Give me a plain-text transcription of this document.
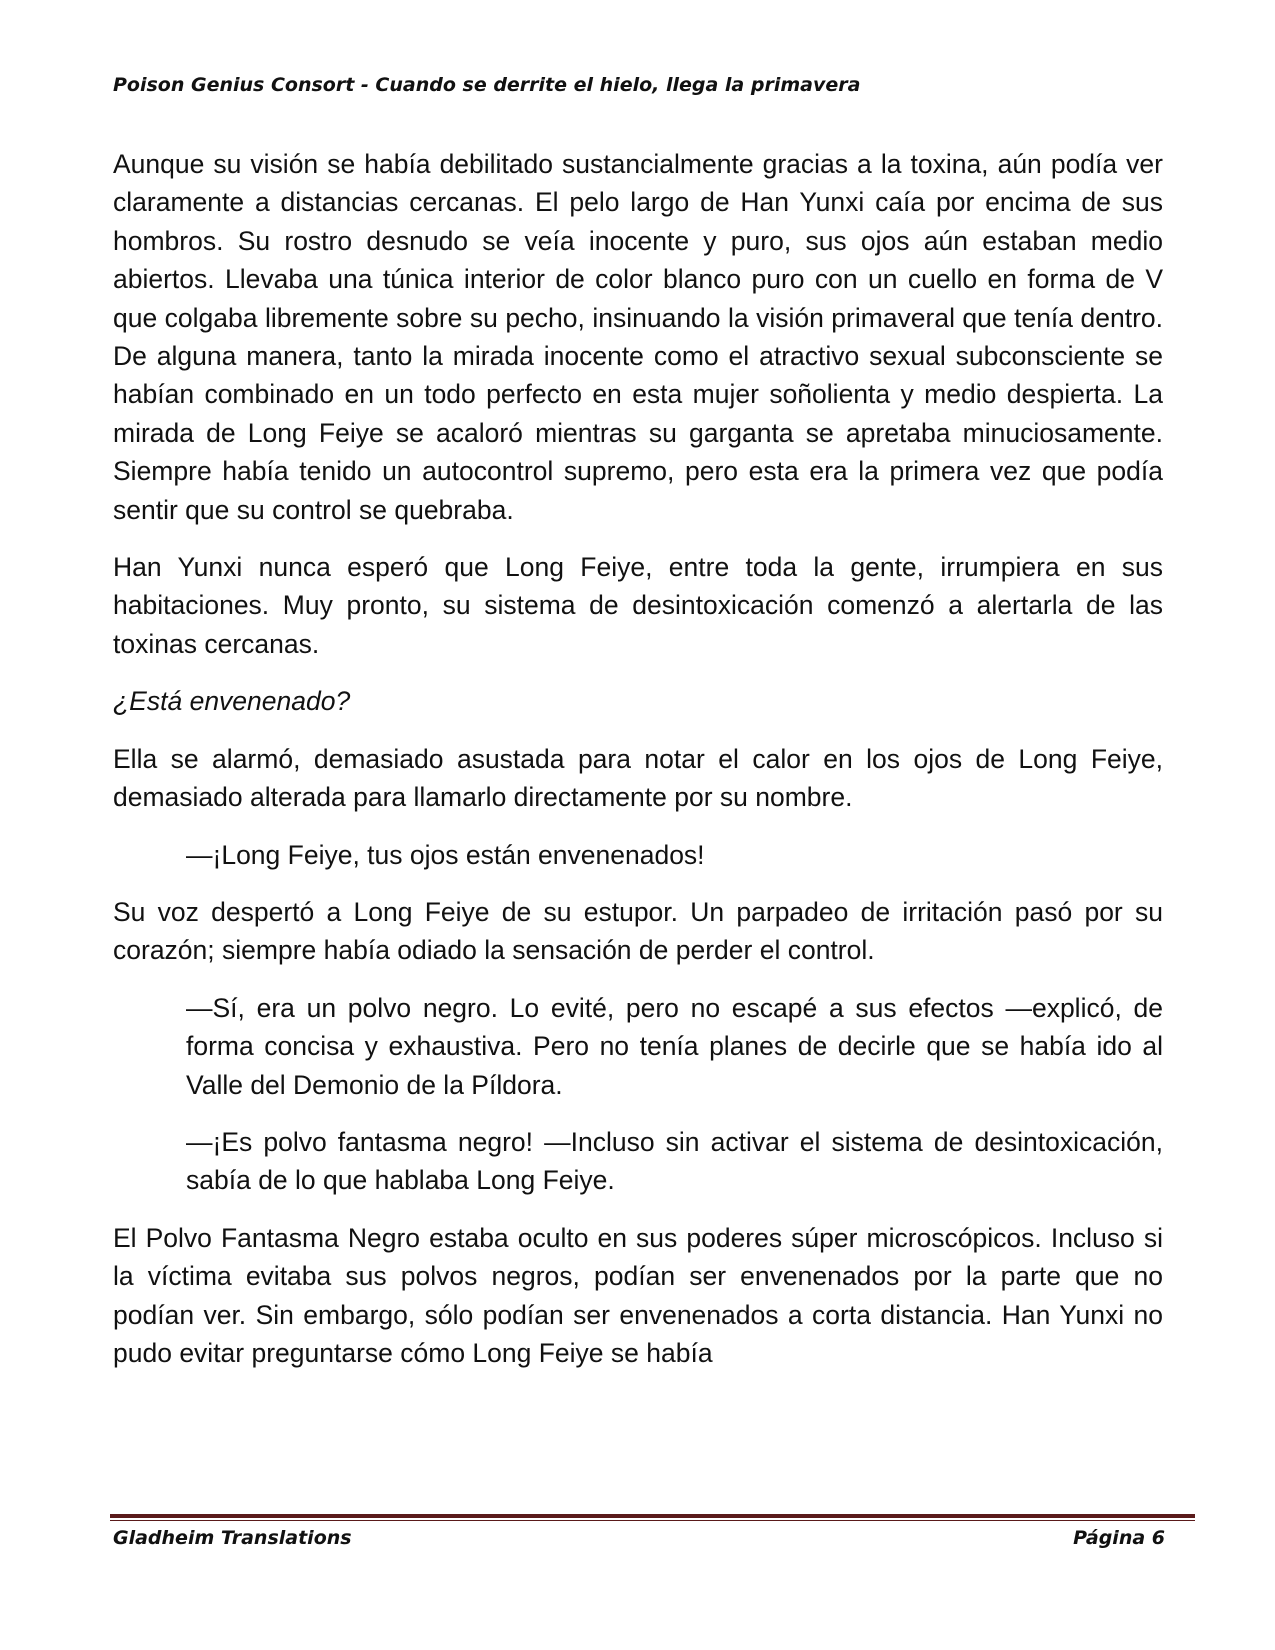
Poison Genius Consort - Cuando se derrite el hielo, llega la primavera

Aunque su visión se había debilitado sustancialmente gracias a la toxina, aún podía ver claramente a distancias cercanas. El pelo largo de Han Yunxi caía por encima de sus hombros. Su rostro desnudo se veía inocente y puro, sus ojos aún estaban medio abiertos. Llevaba una túnica interior de color blanco puro con un cuello en forma de V que colgaba libremente sobre su pecho, insinuando la visión primaveral que tenía dentro. De alguna manera, tanto la mirada inocente como el atractivo sexual subconsciente se habían combinado en un todo perfecto en esta mujer soñolienta y medio despierta. La mirada de Long Feiye se acaloró mientras su garganta se apretaba minuciosamente. Siempre había tenido un autocontrol supremo, pero esta era la primera vez que podía sentir que su control se quebraba.

Han Yunxi nunca esperó que Long Feiye, entre toda la gente, irrumpiera en sus habitaciones. Muy pronto, su sistema de desintoxicación comenzó a alertarla de las toxinas cercanas.

¿Está envenenado?

Ella se alarmó, demasiado asustada para notar el calor en los ojos de Long Feiye, demasiado alterada para llamarlo directamente por su nombre.

—¡Long Feiye, tus ojos están envenenados!

Su voz despertó a Long Feiye de su estupor. Un parpadeo de irritación pasó por su corazón; siempre había odiado la sensación de perder el control.

—Sí, era un polvo negro. Lo evité, pero no escapé a sus efectos —explicó, de forma concisa y exhaustiva. Pero no tenía planes de decirle que se había ido al Valle del Demonio de la Píldora.

—¡Es polvo fantasma negro! —Incluso sin activar el sistema de desintoxicación, sabía de lo que hablaba Long Feiye.

El Polvo Fantasma Negro estaba oculto en sus poderes súper microscópicos. Incluso si la víctima evitaba sus polvos negros, podían ser envenenados por la parte que no podían ver. Sin embargo, sólo podían ser envenenados a corta distancia. Han Yunxi no pudo evitar preguntarse cómo Long Feiye se había

Gladheim Translations	Página 6
